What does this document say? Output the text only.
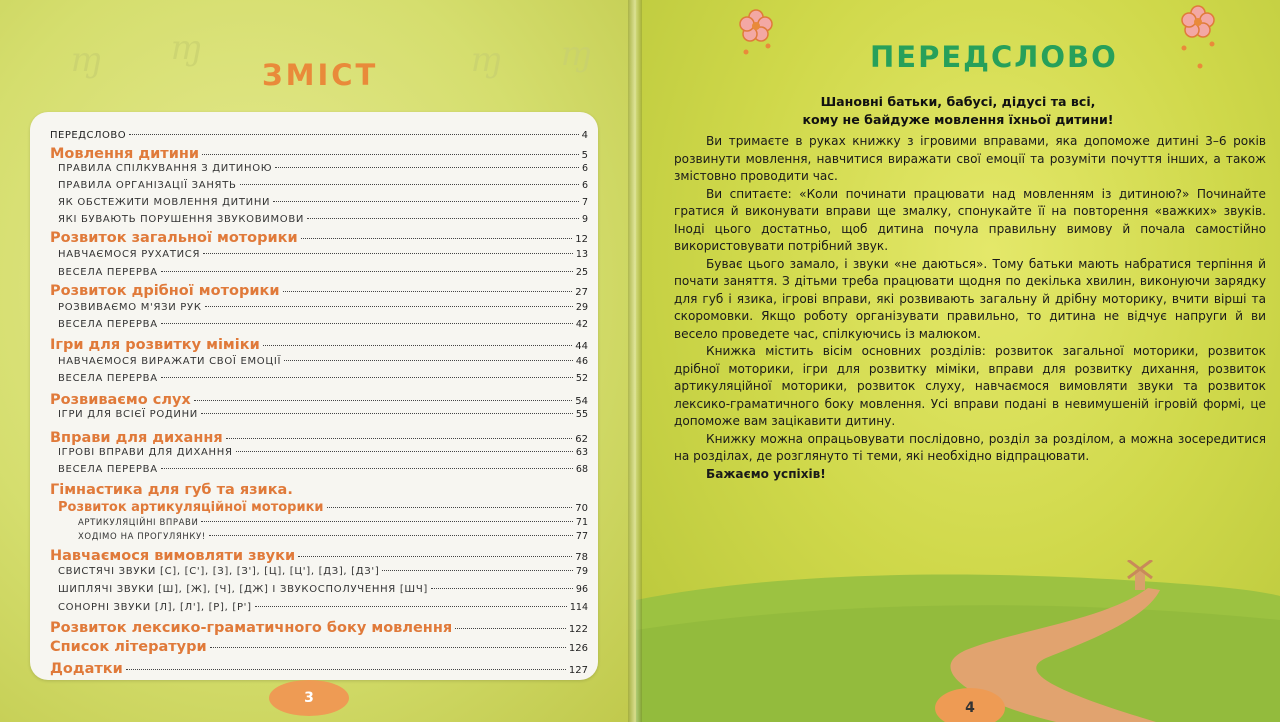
ɱ ɱ	ɱ ɱ
ЗМІСТ
ПЕРЕДСЛОВО	4
Мовлення дитини	5
ПРАВИЛА СПІЛКУВАННЯ З ДИТИНОЮ	6
ПРАВИЛА ОРГАНІЗАЦІЇ ЗАНЯТЬ	6
ЯК ОБСТЕЖИТИ МОВЛЕННЯ ДИТИНИ	7
ЯКІ БУВАЮТЬ ПОРУШЕННЯ ЗВУКОВИМОВИ	9
Розвиток загальної моторики	12
НАВЧАЄМОСЯ РУХАТИСЯ	13
ВЕСЕЛА ПЕРЕРВА	25
Розвиток дрібної моторики	27
РОЗВИВАЄМО М'ЯЗИ РУК	29
ВЕСЕЛА ПЕРЕРВА	42
Ігри для розвитку міміки	44
НАВЧАЄМОСЯ ВИРАЖАТИ СВОЇ ЕМОЦІЇ	46
ВЕСЕЛА ПЕРЕРВА	52
Розвиваємо слух	54
ІГРИ ДЛЯ ВСІЄЇ РОДИНИ	55
Вправи для дихання	62
ІГРОВІ ВПРАВИ ДЛЯ ДИХАННЯ	63
ВЕСЕЛА ПЕРЕРВА	68
Гімнастика для губ та язика.
Розвиток артикуляційної моторики	70
АРТИКУЛЯЦІЙНІ ВПРАВИ	71
ХОДІМО НА ПРОГУЛЯНКУ!	77
Навчаємося вимовляти звуки	78
СВИСТЯЧІ ЗВУКИ [С], [С'], [З], [З'], [Ц], [Ц'], [ДЗ], [ДЗ']	79
ШИПЛЯЧІ ЗВУКИ [Ш], [Ж], [Ч], [ДЖ] І ЗВУКОСПОЛУЧЕННЯ [ШЧ]	96
СОНОРНІ ЗВУКИ [Л], [Л'], [Р], [Р']	114
Розвиток лексико-граматичного боку мовлення	122
Список літератури	126
Додатки	127
3
ПЕРЕДСЛОВО
Шановні батьки, бабусі, дідусі та всі,
кому не байдуже мовлення їхньої дитини!

Ви тримаєте в руках книжку з ігровими вправами, яка допоможе дитині 3–6 років розвинути мовлення, навчитися виражати свої емоції та розуміти почуття інших, а також змістовно проводити час.

Ви спитаєте: «Коли починати працювати над мовленням із дитиною?» Починайте гратися й виконувати вправи ще змалку, спонукайте її на повторення «важких» звуків. Іноді цього достатньо, щоб дитина почула правильну вимову й почала самостійно використовувати потрібний звук.

Буває цього замало, і звуки «не даються». Тому батьки мають набратися терпіння й почати заняття. З дітьми треба працювати щодня по декілька хвилин, виконуючи зарядку для губ і язика, ігрові вправи, які розвивають загальну й дрібну моторику, вчити вірші та скоромовки. Якщо роботу організувати правильно, то дитина не відчує напруги й ви весело проведете час, спілкуючись із малюком.

Книжка містить вісім основних розділів: розвиток загальної моторики, розвиток дрібної моторики, ігри для розвитку міміки, вправи для розвитку дихання, розвиток артикуляційної моторики, розвиток слуху, навчаємося вимовляти звуки та розвиток лексико-граматичного боку мовлення. Усі вправи подані в невимушеній ігровій формі, це допоможе вам зацікавити дитину.

Книжку можна опрацьовувати послідовно, розділ за розділом, а можна зосередитися на розділах, де розглянуто ті теми, які необхідно відпрацювати.

Бажаємо успіхів!

4
